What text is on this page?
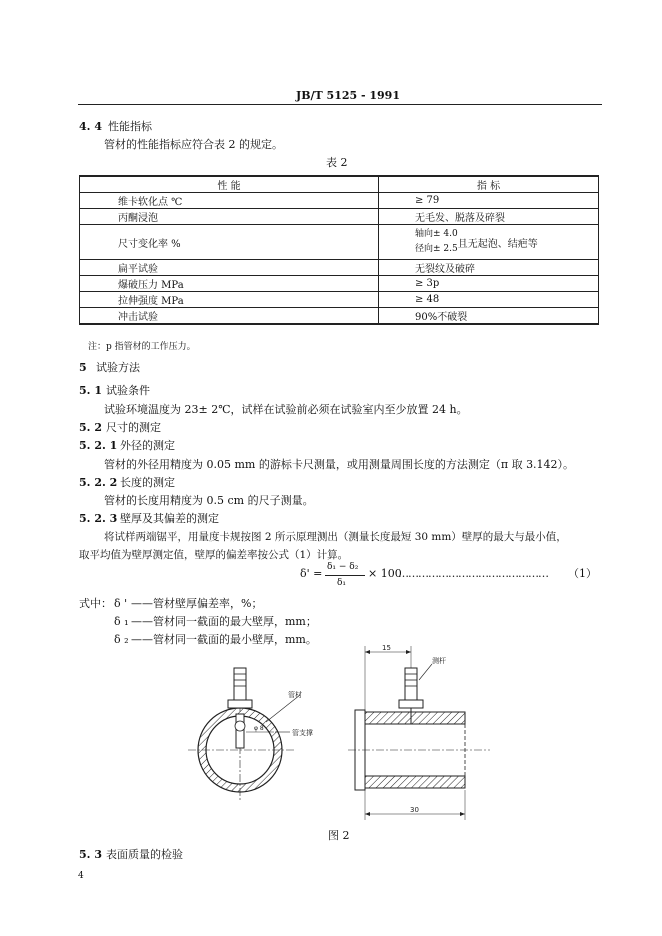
JB/T 5125 - 1991
4. 4 性能指标
管材的性能指标应符合表 2 的规定。
表 2
性 能	指 标
维卡软化点 ℃	≥ 79
丙酮浸泡	无毛发、脱落及碎裂
尺寸变化率 %	轴向± 4.0
径向± 2.5 且无起泡、结疤等

扁平试验	无裂纹及破碎
爆破压力 MPa	≥ 3p
拉伸强度 MPa	≥ 48
冲击试验	90%不破裂
注：p 指管材的工作压力。
5 试验方法
5. 1 试验条件
试验环境温度为 23± 2℃，试样在试验前必须在试验室内至少放置 24 h。
5. 2 尺寸的测定
5. 2. 1 外径的测定
管材的外径用精度为 0.05 mm 的游标卡尺测量，或用测量周围长度的方法测定（π 取 3.142）。
5. 2. 2 长度的测定
管材的长度用精度为 0.5 cm 的尺子测量。
5. 2. 3 壁厚及其偏差的测定
将试样两端锯平，用量度卡规按图 2 所示原理测出（测量长度最短 30 mm）壁厚的最大与最小值，
取平均值为壁厚测定值，壁厚的偏差率按公式（1）计算。
δ' = δ₁ − δ₂
δ₁
× 100
……………………………………… （1）
式中： δ ' ——管材壁厚偏差率，%；
δ ₁ ——管材同一截面的最大壁厚，mm；
δ ₂ ——管材同一截面的最小壁厚，mm。
管材
管支撑
φ 8
15
测杆
30
图 2
5. 3 表面质量的检验
4
